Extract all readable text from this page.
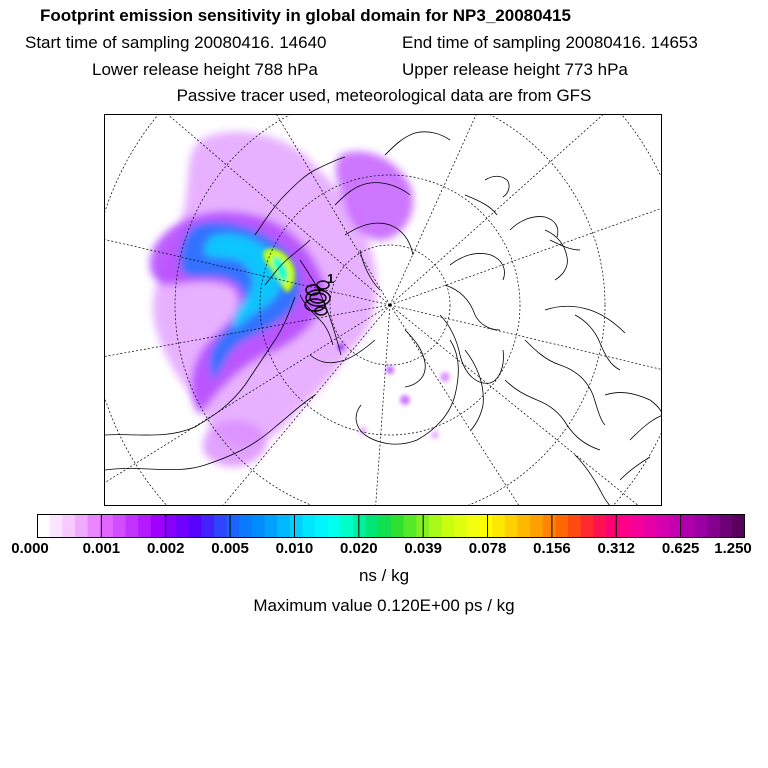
Footprint emission sensitivity in global domain for NP3_20080415
Start time of sampling 20080416. 14640	End time of sampling 20080416. 14653
Lower release height 788 hPa	Upper release height 773 hPa
Passive tracer used, meteorological data are from GFS
1
0.000 0.001 0.002 0.005 0.010 0.020 0.039 0.078 0.156 0.312 0.625 1.250
ns / kg
Maximum value 0.120E+00 ps / kg
